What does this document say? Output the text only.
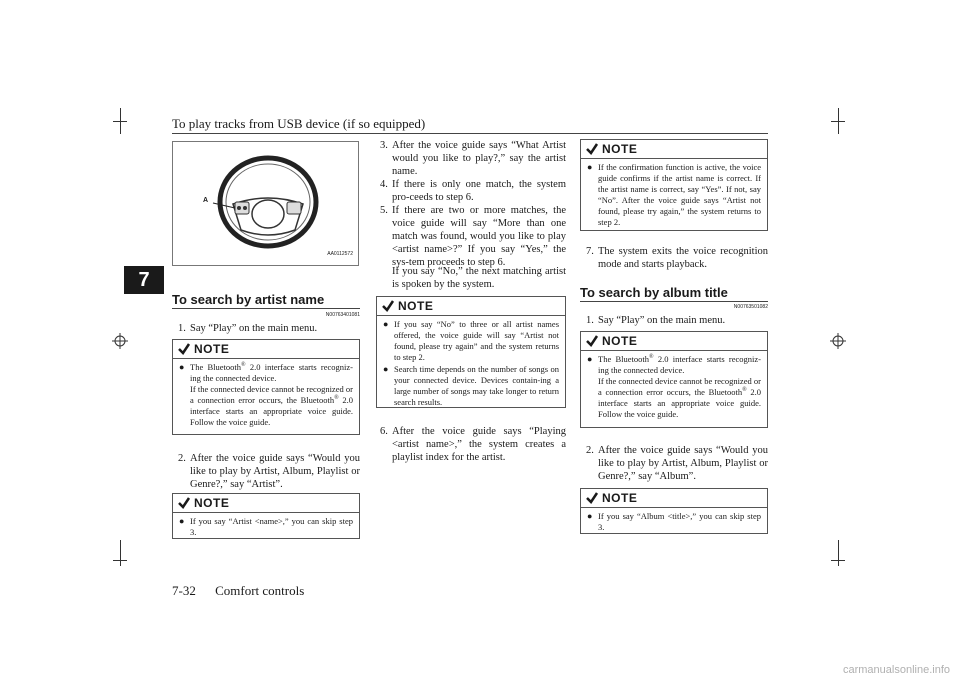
To play tracks from USB device (if so equipped)
7
A
AA0112572
To search by artist name
N00763401081
1. Say “Play” on the main menu.
NOTE
● The Bluetooth® 2.0 interface starts recogniz-ing the connected device.
If the connected device cannot be recognized or a connection error occurs, the Bluetooth® 2.0 interface starts an appropriate voice guide. Follow the voice guide.
2. After the voice guide says “Would you like to play by Artist, Album, Playlist or Genre?,” say “Artist”.
NOTE
● If you say “Artist <name>,” you can skip step 3.
3. After the voice guide says “What Artist would you like to play?,” say the artist name.
4. If there is only one match, the system pro-ceeds to step 6.
5. If there are two or more matches, the voice guide will say “More than one match was found, would you like to play <artist name>?” If you say “Yes,” the sys-tem proceeds to step 6.
If you say “No,” the next matching artist is spoken by the system.
NOTE
● If you say “No” to three or all artist names offered, the voice guide will say “Artist not found, please try again” and the system returns to step 2.
● Search time depends on the number of songs on your connected device. Devices contain-ing a large number of songs may take longer to return search results.
6. After the voice guide says “Playing <artist name>,” the system creates a playlist index for the artist.
NOTE
● If the confirmation function is active, the voice guide confirms if the artist name is correct. If the artist name is correct, say “Yes”. If not, say “No”. After the voice guide says “Artist not found, please try again,” the system returns to step 2.
7. The system exits the voice recognition mode and starts playback.
To search by album title
N00763501082
1. Say “Play” on the main menu.
NOTE
● The Bluetooth® 2.0 interface starts recogniz-ing the connected device.
If the connected device cannot be recognized or a connection error occurs, the Bluetooth® 2.0 interface starts an appropriate voice guide. Follow the voice guide.
2. After the voice guide says “Would you like to play by Artist, Album, Playlist or Genre?,” say “Album”.
NOTE
● If you say “Album <title>,” you can skip step 3.
7-32 Comfort controls
carmanualsonline.info
